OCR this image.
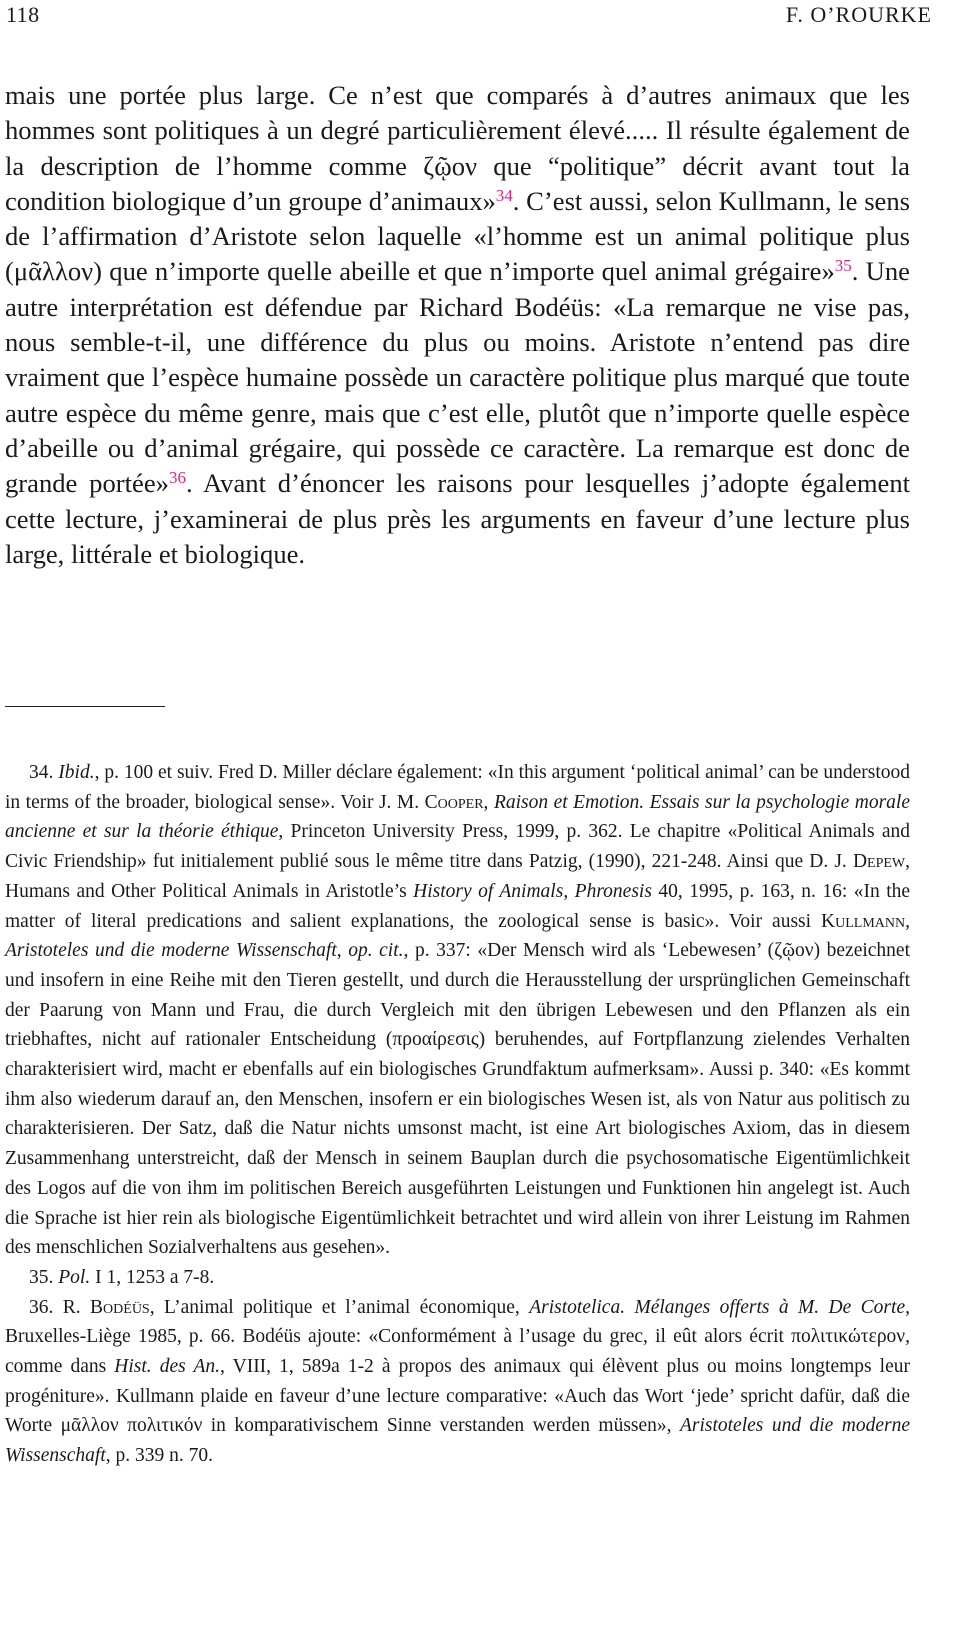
118	F. O’ROURKE

mais une portée plus large. Ce n’est que comparés à d’autres animaux que les hommes sont politiques à un degré particulièrement élevé..... Il résulte également de la description de l’homme comme ζῷον que “politique” décrit avant tout la condition biologique d’un groupe d’animaux»$^{34}$. C’est aussi, selon Kullmann, le sens de l’affirmation d’Aristote selon laquelle «l’homme est un animal politique plus (μᾶλλον) que n’importe quelle abeille et que n’importe quel animal grégaire»$^{35}$. Une autre interprétation est défendue par Richard Bodéüs: «La remarque ne vise pas, nous semble-t-il, une différence du plus ou moins. Aristote n’entend pas dire vraiment que l’espèce humaine possède un caractère politique plus marqué que toute autre espèce du même genre, mais que c’est elle, plutôt que n’importe quelle espèce d’abeille ou d’animal grégaire, qui possède ce caractère. La remarque est donc de grande portée»$^{36}$. Avant d’énoncer les raisons pour lesquelles j’adopte également cette lecture, j’examinerai de plus près les arguments en faveur d’une lecture plus large, littérale et biologique.

34. Ibid., p. 100 et suiv. Fred D. Miller déclare également: «In this argument ‘political animal’ can be understood in terms of the broader, biological sense». Voir J. M. Cooper, Raison et Emotion. Essais sur la psychologie morale ancienne et sur la théorie éthique, Princeton University Press, 1999, p. 362. Le chapitre «Political Animals and Civic Friendship» fut initialement publié sous le même titre dans Patzig, (1990), 221-248. Ainsi que D. J. Depew, Humans and Other Political Animals in Aristotle’s History of Animals, Phronesis 40, 1995, p. 163, n. 16: «In the matter of literal predications and salient explanations, the zoological sense is basic». Voir aussi Kullmann, Aristoteles und die moderne Wissenschaft, op. cit., p. 337: «Der Mensch wird als ‘Lebewesen’ (ζῷον) bezeichnet und insofern in eine Reihe mit den Tieren gestellt, und durch die Herausstellung der ursprünglichen Gemeinschaft der Paarung von Mann und Frau, die durch Vergleich mit den übrigen Lebewesen und den Pflanzen als ein triebhaftes, nicht auf rationaler Entscheidung (προαίρεσις) beruhendes, auf Fortpflanzung zielendes Verhalten charakterisiert wird, macht er ebenfalls auf ein biologisches Grundfaktum aufmerksam». Aussi p. 340: «Es kommt ihm also wiederum darauf an, den Menschen, insofern er ein biologisches Wesen ist, als von Natur aus politisch zu charakterisieren. Der Satz, daß die Natur nichts umsonst macht, ist eine Art biologisches Axiom, das in diesem Zusammenhang unterstreicht, daß der Mensch in seinem Bauplan durch die psychosomatische Eigentümlichkeit des Logos auf die von ihm im politischen Bereich ausgeführten Leistungen und Funktionen hin angelegt ist. Auch die Sprache ist hier rein als biologische Eigentümlichkeit betrachtet und wird allein von ihrer Leistung im Rahmen des menschlichen Sozialverhaltens aus gesehen».

35. Pol. I 1, 1253 a 7-8.

36. R. Bodéüs, L’animal politique et l’animal économique, Aristotelica. Mélanges offerts à M. De Corte, Bruxelles-Liège 1985, p. 66. Bodéüs ajoute: «Conformément à l’usage du grec, il eût alors écrit πολιτικώτερον, comme dans Hist. des An., VIII, 1, 589a 1-2 à propos des animaux qui élèvent plus ou moins longtemps leur progéniture». Kullmann plaide en faveur d’une lecture comparative: «Auch das Wort ‘jede’ spricht dafür, daß die Worte μᾶλλον πολιτικόν in komparativischem Sinne verstanden werden müssen», Aristoteles und die moderne Wissenschaft, p. 339 n. 70.
